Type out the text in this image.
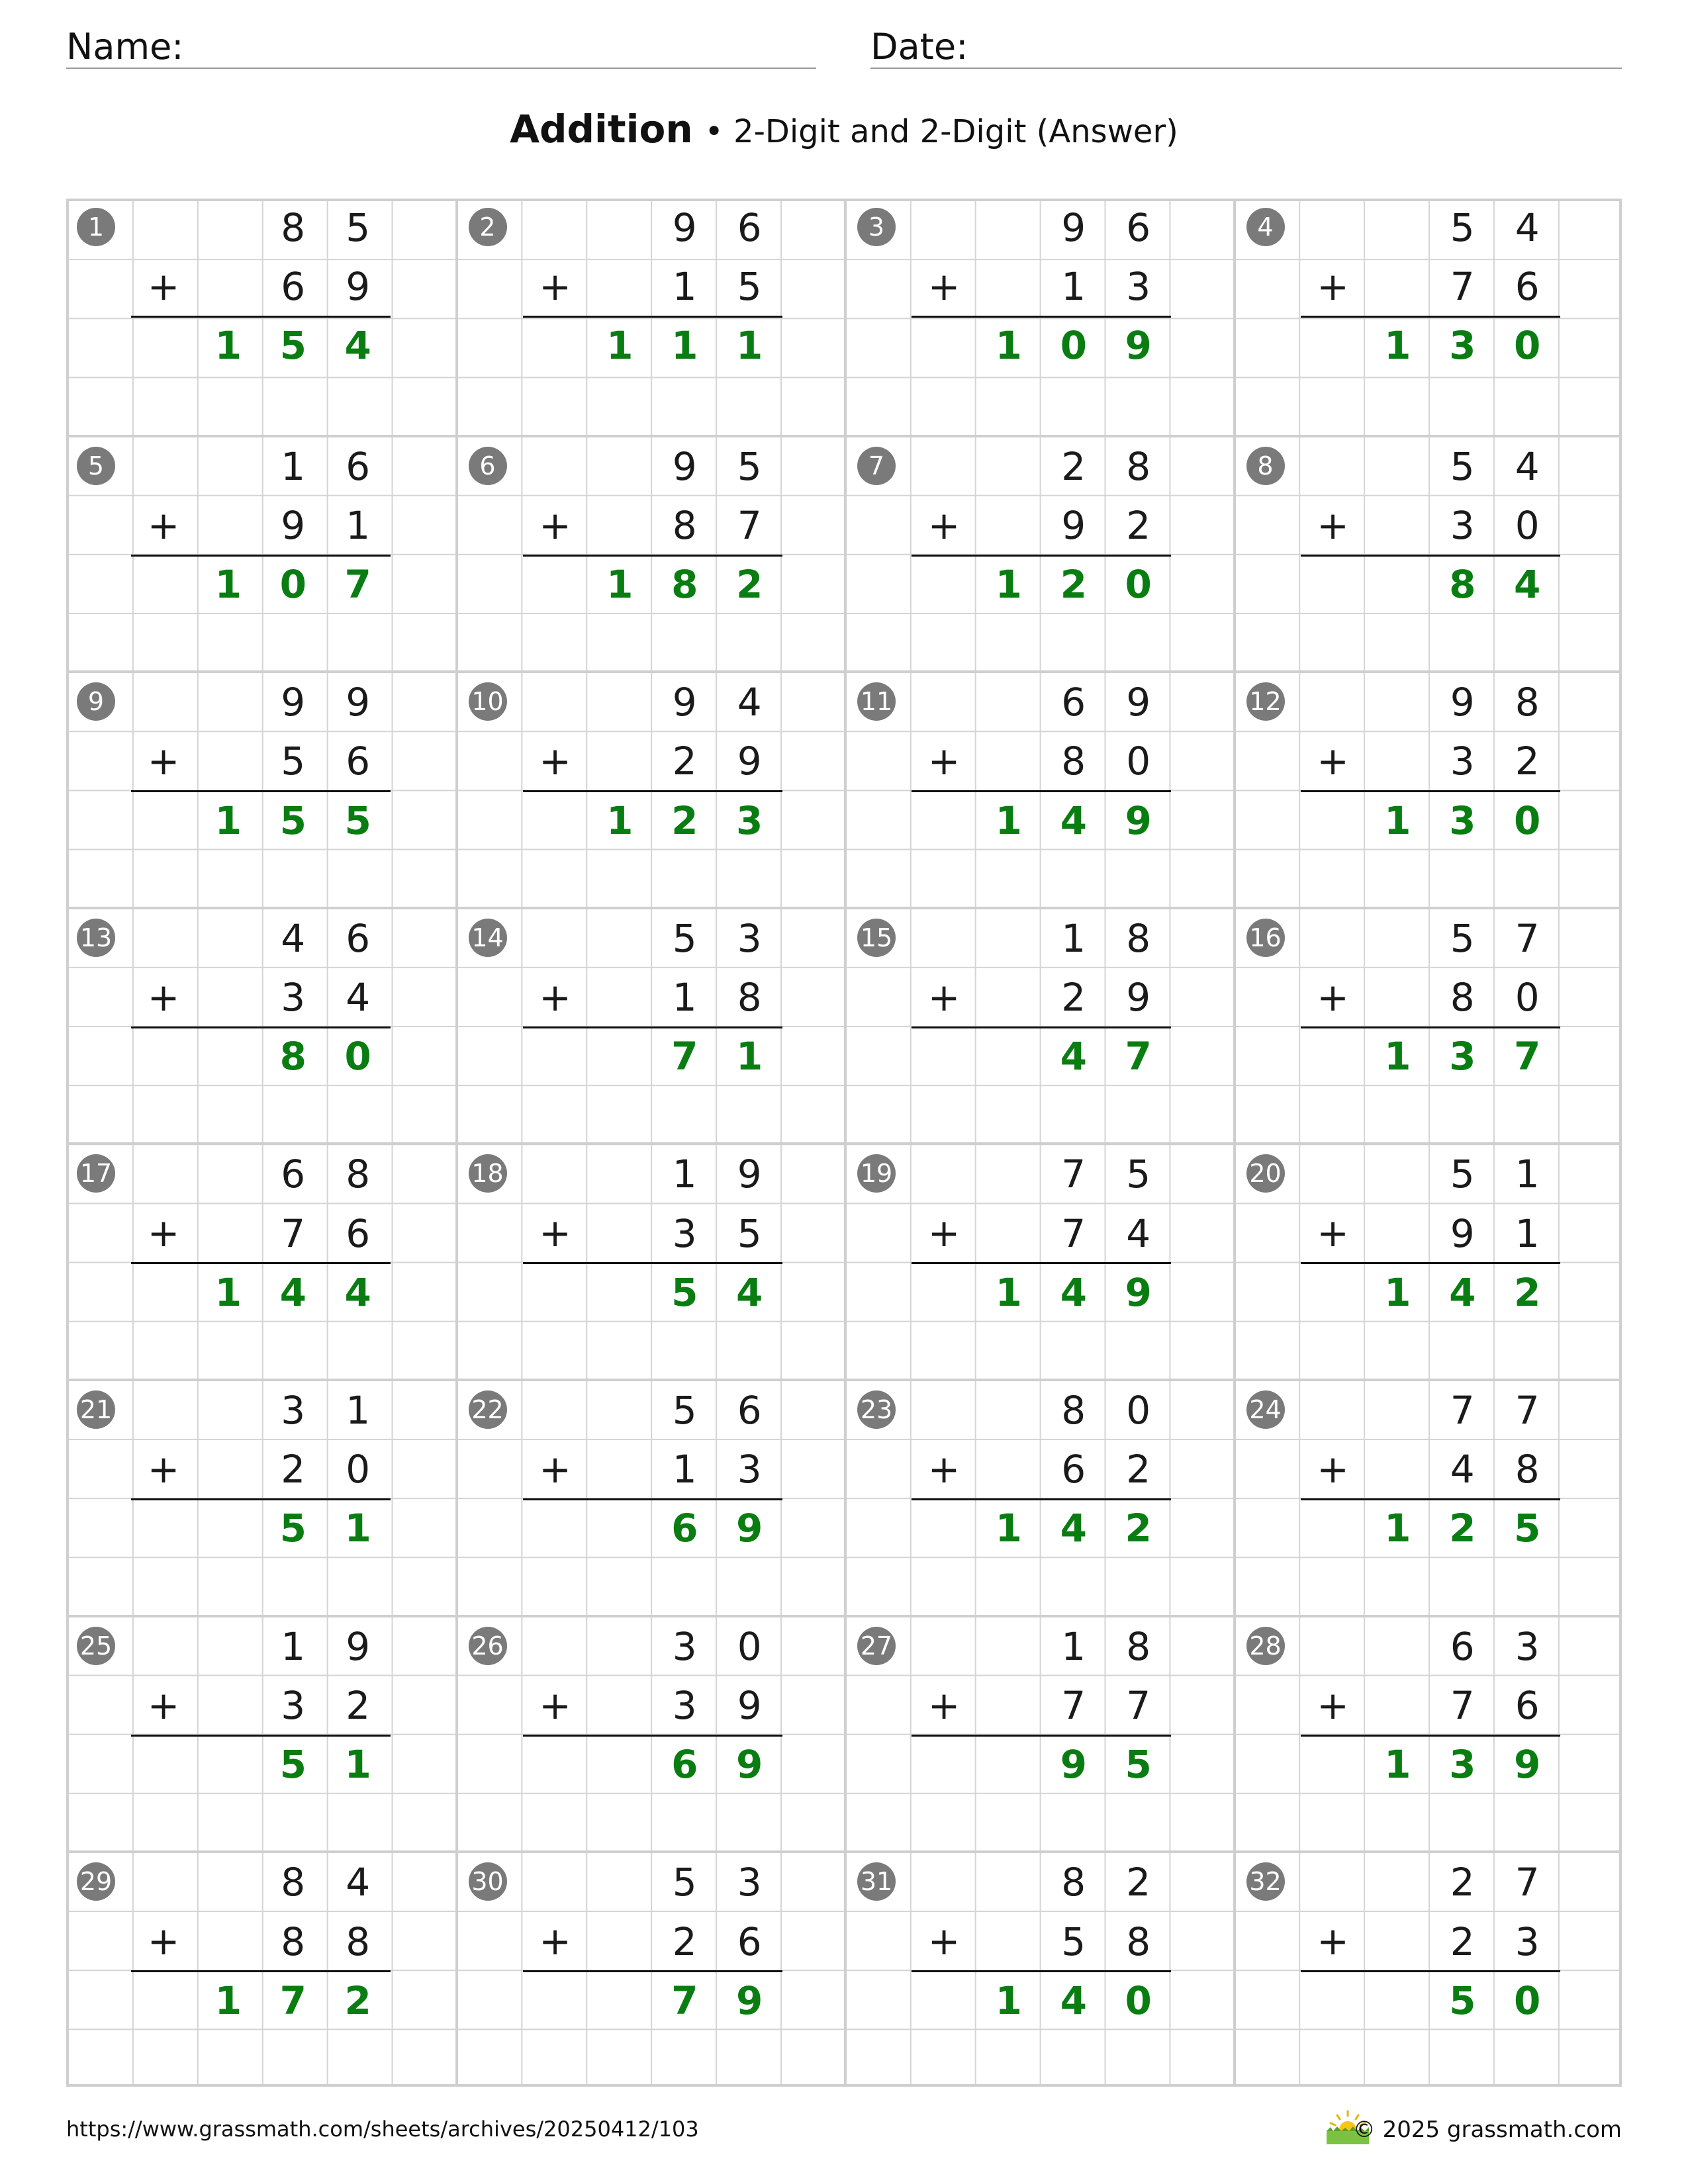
Name:	Date:
Addition • 2-Digit and 2-Digit (Answer)
1	8	5
6	9
+
1 5 4
2	9	6
1	5
+
1 1 1
3	9	6
1	3
+
1 0 9
4	5	4
7	6
+
1 3 0
5	1	6
9	1
+
1 0 7
6	9	5
8	7
+
1 8 2
7	2	8
9	2
+
1 2 0
8	5	4
3	0
+
8 4
9	9	9
5	6
+
1 5 5
10	9	4
2	9
+
1 2 3
11	6	9
8	0
+
1 4 9
12	9	8
3	2
+
1 3 0
13	4	6
3	4
+
8 0
14	5	3
1	8
+
7 1
15	1	8
2	9
+
4 7
16	5	7
8	0
+
1 3 7
17	6	8
7	6
+
1 4 4
18	1	9
3	5
+
5 4
19	7	5
7	4
+
1 4 9
20	5	1
9	1
+
1 4 2
21	3	1
2	0
+
5 1
22	5	6
1	3
+
6 9
23	8	0
6	2
+
1 4 2
24	7	7
4	8
+
1 2 5
25	1	9
3	2
+
5 1
26	3	0
3	9
+
6 9
27	1	8
7	7
+
9 5
28	6	3
7	6
+
1 3 9
29	8	4
8	8
+
1 7 2
30	5	3
2	6
+
7 9
31	8	2
5	8
+
1 4 0
32	2	7
2	3
+
5 0
https://www.grassmath.com/sheets/archives/20250412/103	© 2025 grassmath.com
